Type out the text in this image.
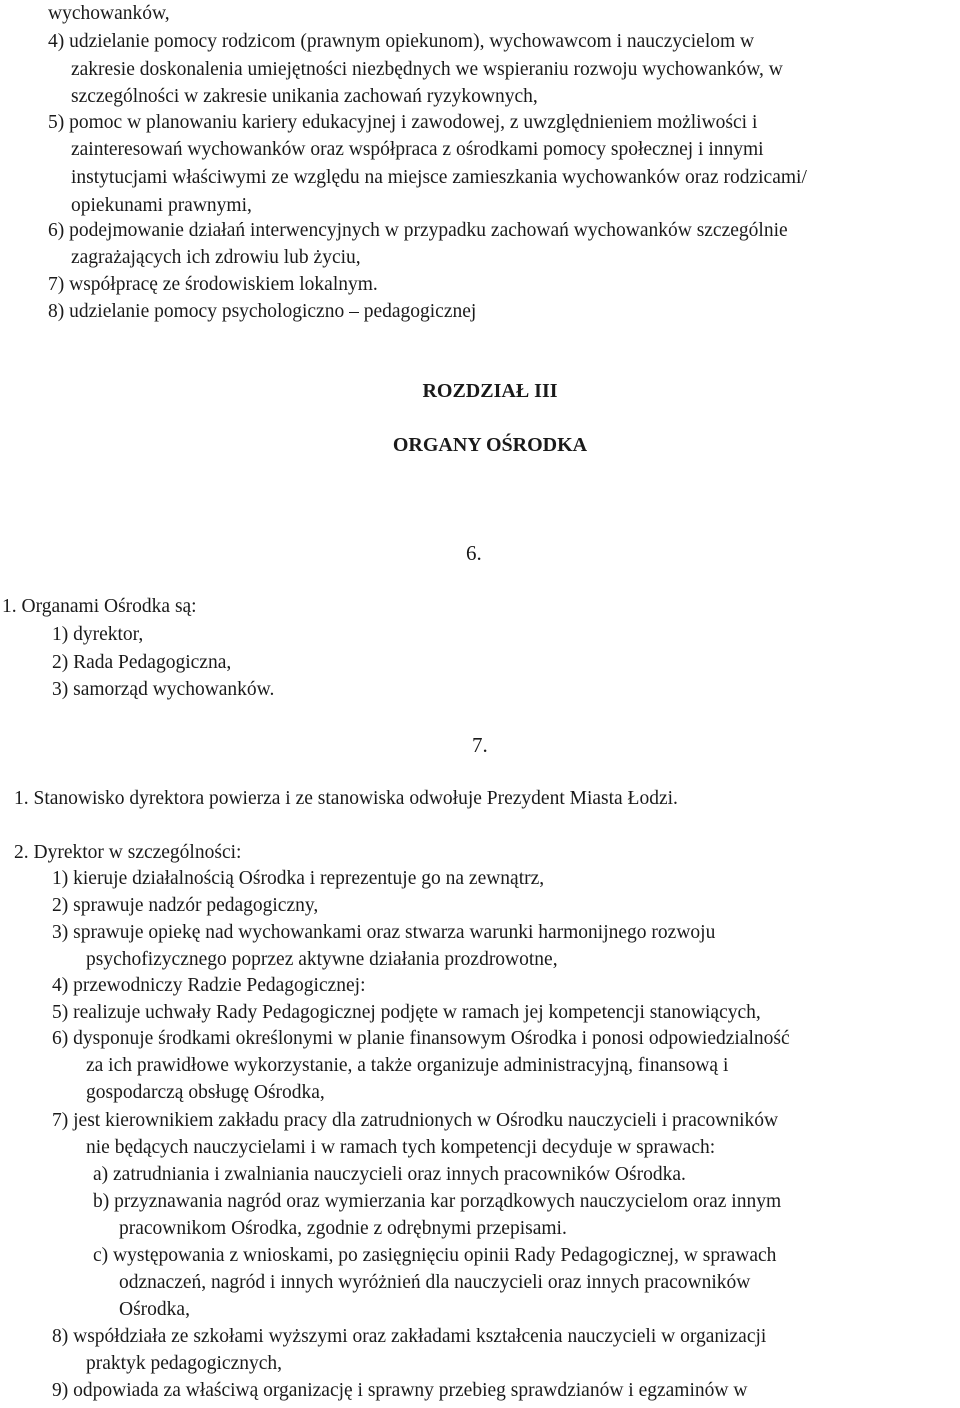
wychowanków,
4) udzielanie pomocy rodzicom (prawnym opiekunom), wychowawcom i nauczycielom w
zakresie doskonalenia umiejętności niezbędnych we wspieraniu rozwoju wychowanków, w
szczególności w zakresie unikania zachowań ryzykownych,
5) pomoc w planowaniu kariery edukacyjnej i zawodowej, z uwzględnieniem możliwości i
zainteresowań wychowanków oraz współpraca z ośrodkami pomocy społecznej i innymi
instytucjami właściwymi ze względu na miejsce zamieszkania wychowanków oraz rodzicami/
opiekunami prawnymi,
6) podejmowanie działań interwencyjnych w przypadku zachowań wychowanków szczególnie
zagrażających ich zdrowiu lub życiu,
7) współpracę ze środowiskiem lokalnym.
8) udzielanie pomocy psychologiczno – pedagogicznej
ROZDZIAŁ III
ORGANY OŚRODKA
6.
1. Organami Ośrodka są:
1) dyrektor,
2) Rada Pedagogiczna,
3) samorząd wychowanków.
7.
1. Stanowisko dyrektora powierza i ze stanowiska odwołuje Prezydent Miasta Łodzi.
2. Dyrektor w szczególności:
1) kieruje działalnością Ośrodka i reprezentuje go na zewnątrz,
2) sprawuje nadzór pedagogiczny,
3) sprawuje opiekę nad wychowankami oraz stwarza warunki harmonijnego rozwoju
psychofizycznego poprzez aktywne działania prozdrowotne,
4) przewodniczy Radzie Pedagogicznej:
5) realizuje uchwały Rady Pedagogicznej podjęte w ramach jej kompetencji stanowiących,
6) dysponuje środkami określonymi w planie finansowym Ośrodka i ponosi odpowiedzialność
za ich prawidłowe wykorzystanie, a także organizuje administracyjną, finansową i
gospodarczą obsługę Ośrodka,
7) jest kierownikiem zakładu pracy dla zatrudnionych w Ośrodku nauczycieli i pracowników
nie będących nauczycielami i w ramach tych kompetencji decyduje w sprawach:
a) zatrudniania i zwalniania nauczycieli oraz innych pracowników Ośrodka.
b) przyznawania nagród oraz wymierzania kar porządkowych nauczycielom oraz innym
pracownikom Ośrodka, zgodnie z odrębnymi przepisami.
c) występowania z wnioskami, po zasięgnięciu opinii Rady Pedagogicznej, w sprawach
odznaczeń, nagród i innych wyróżnień dla nauczycieli oraz innych pracowników
Ośrodka,
8) współdziała ze szkołami wyższymi oraz zakładami kształcenia nauczycieli w organizacji
praktyk pedagogicznych,
9) odpowiada za właściwą organizację i sprawny przebieg sprawdzianów i egzaminów w
